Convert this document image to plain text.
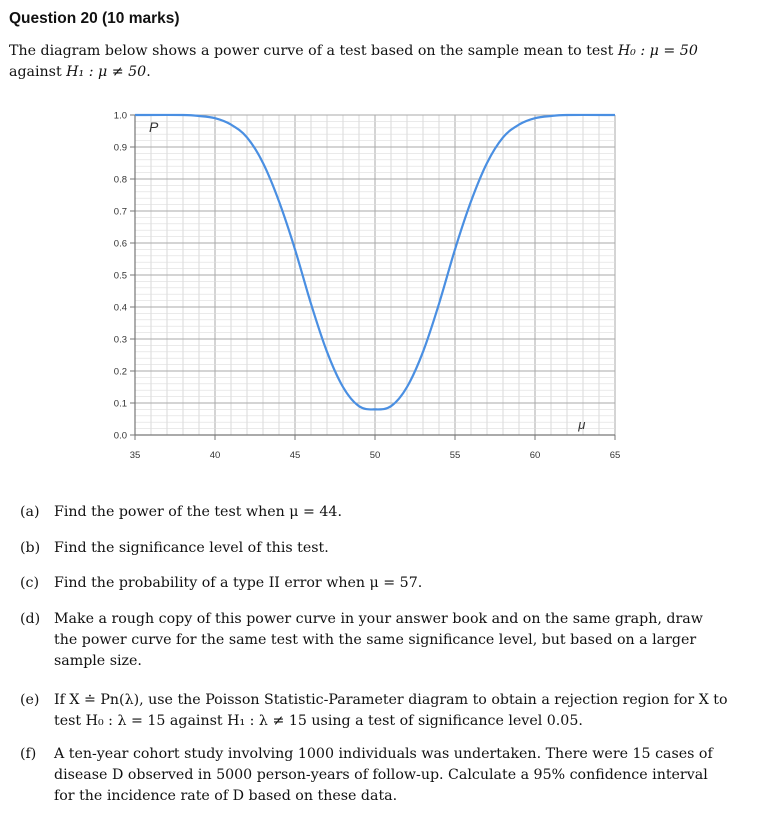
Question 20 (10 marks)
The diagram below shows a power curve of a test based on the sample mean to test H₀ : μ = 50
against H₁ : μ ≠ 50.
0.0
0.1
0.2
0.3
0.4
0.5
0.6
0.7
0.8
0.9
1.0
35	40	45	50	55	60	65
P
μ
(a)	Find the power of the test when μ = 44.
(b) Find the significance level of this test.
(c)	Find the probability of a type II error when μ = 57.
(d) Make a rough copy of this power curve in your answer book and on the same graph, draw the power curve for the same test with the same significance level, but based on a larger sample size.
(e)	If X ≐ Pn(λ), use the Poisson Statistic-Parameter diagram to obtain a rejection region for X to test H₀ : λ = 15 against H₁ : λ ≠ 15 using a test of significance level 0.05.
(f)	A ten-year cohort study involving 1000 individuals was undertaken. There were 15 cases of disease D observed in 5000 person-years of follow-up. Calculate a 95% confidence interval for the incidence rate of D based on these data.
